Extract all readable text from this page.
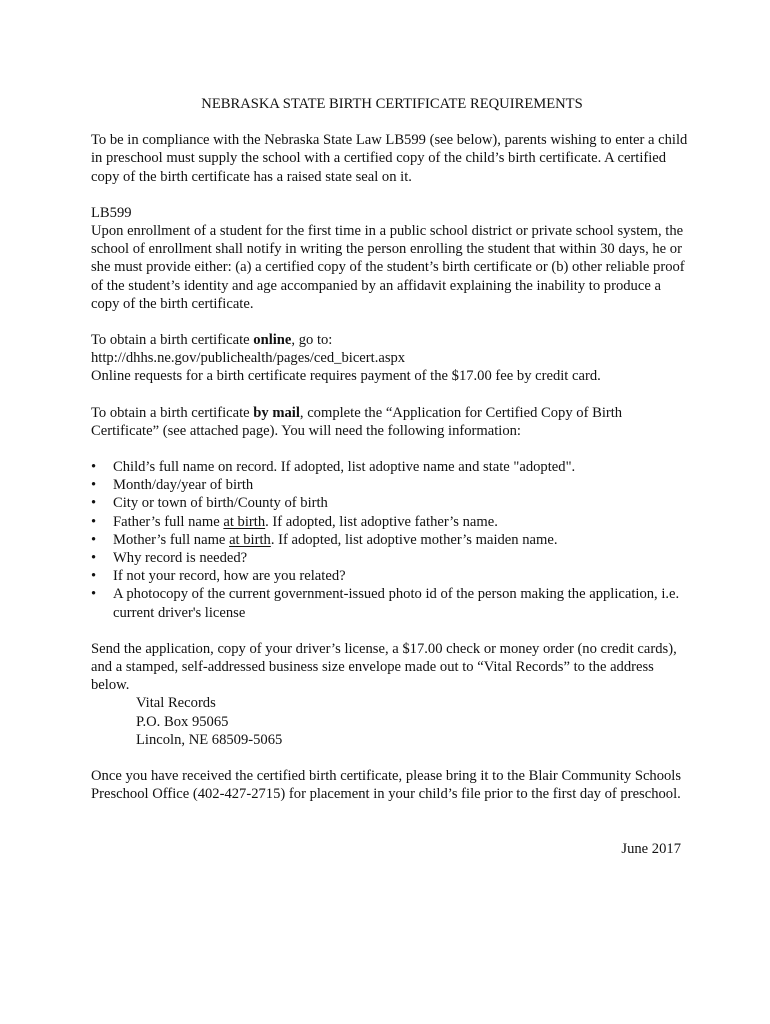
NEBRASKA STATE BIRTH CERTIFICATE REQUIREMENTS

To be in compliance with the Nebraska State Law LB599 (see below), parents wishing to enter a child in preschool must supply the school with a certified copy of the child’s birth certificate. A certified copy of the birth certificate has a raised state seal on it.

LB599

Upon enrollment of a student for the first time in a public school district or private school system, the school of enrollment shall notify in writing the person enrolling the student that within 30 days, he or she must provide either: (a) a certified copy of the student’s birth certificate or (b) other reliable proof of the student’s identity and age accompanied by an affidavit explaining the inability to produce a copy of the birth certificate.

To obtain a birth certificate online, go to:

http://dhhs.ne.gov/publichealth/pages/ced_bicert.aspx

Online requests for a birth certificate requires payment of the $17.00 fee by credit card.

To obtain a birth certificate by mail, complete the “Application for Certified Copy of Birth Certificate” (see attached page). You will need the following information:

• Child’s full name on record. If adopted, list adoptive name and state "adopted".
• Month/day/year of birth
• City or town of birth/County of birth
• Father’s full name at birth. If adopted, list adoptive father’s name.
• Mother’s full name at birth. If adopted, list adoptive mother’s maiden name.
• Why record is needed?
• If not your record, how are you related?
• A photocopy of the current government-issued photo id of the person making the application, i.e. current driver's license

Send the application, copy of your driver’s license, a $17.00 check or money order (no credit cards), and a stamped, self-addressed business size envelope made out to “Vital Records” to the address below.

Vital Records

P.O. Box 95065

Lincoln, NE 68509-5065

Once you have received the certified birth certificate, please bring it to the Blair Community Schools Preschool Office (402-427-2715) for placement in your child’s file prior to the first day of preschool.

June 2017
